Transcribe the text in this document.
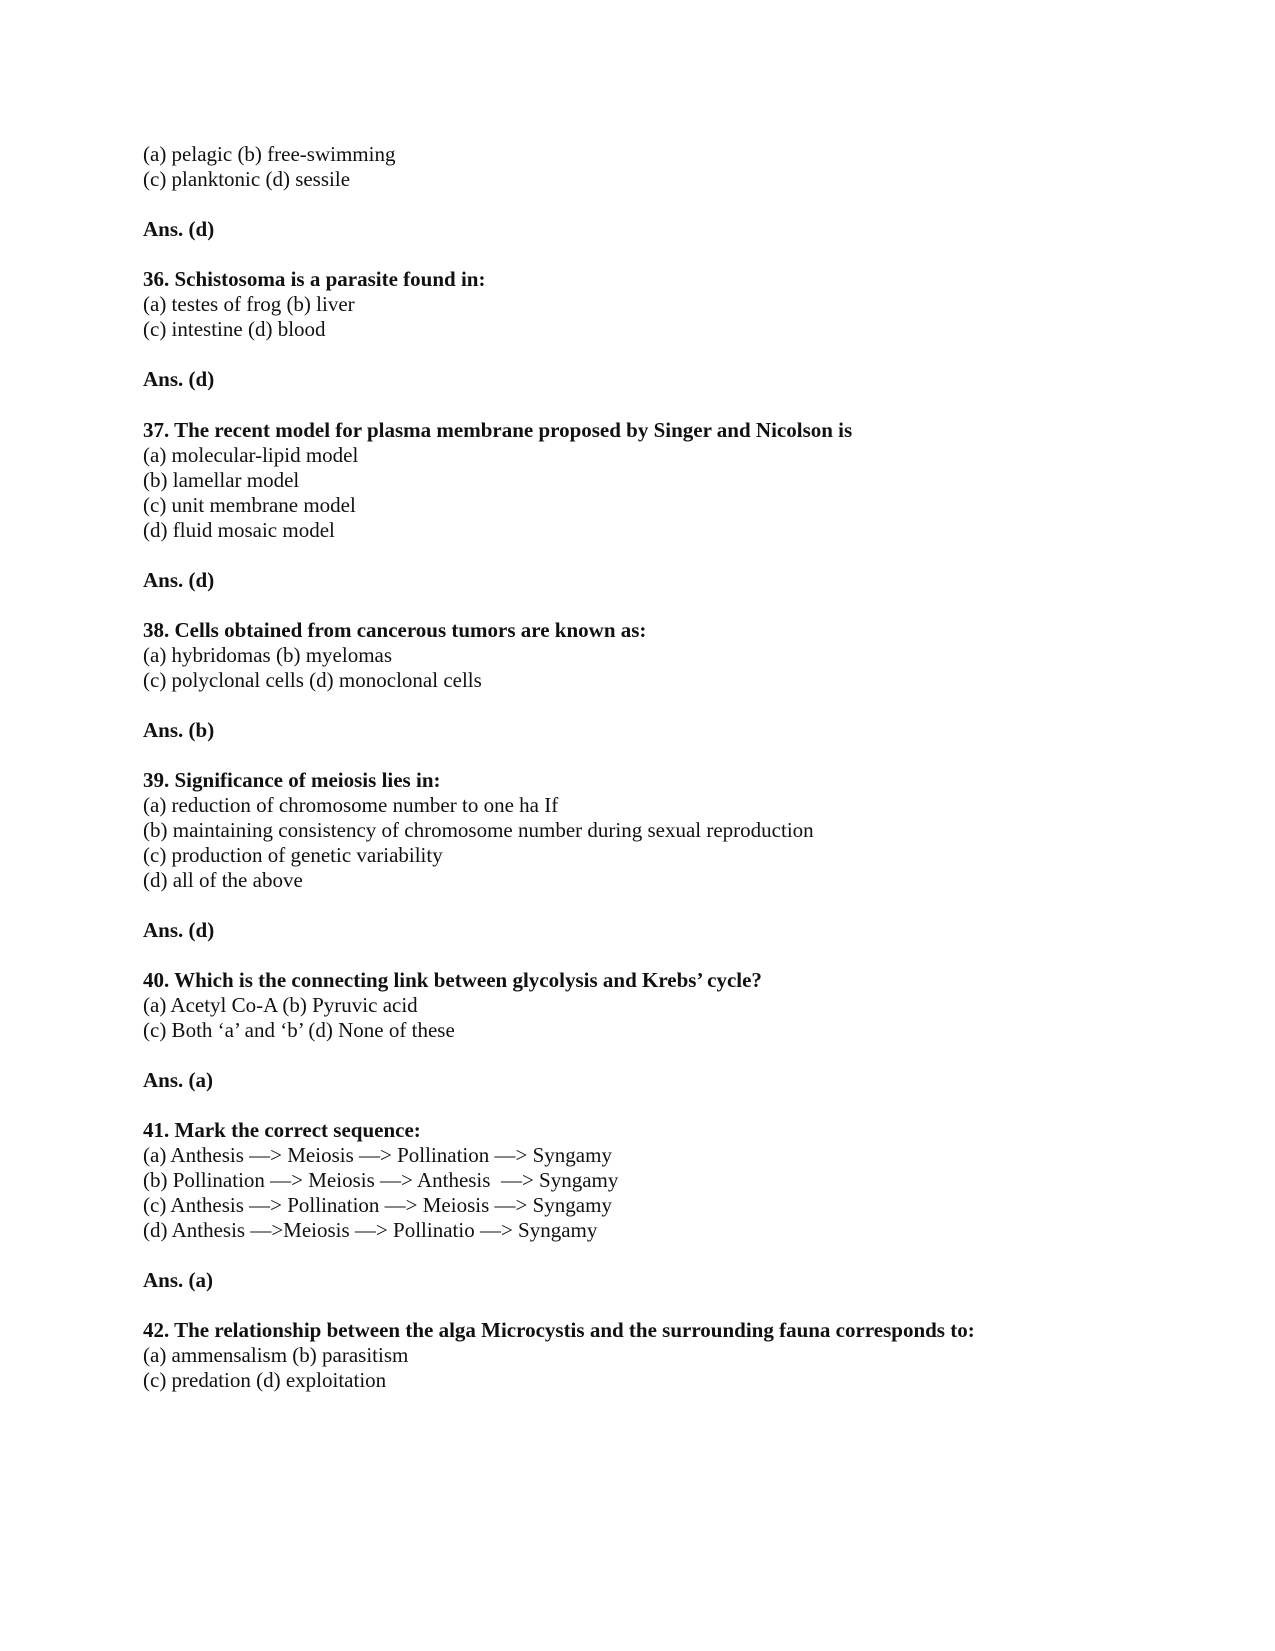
(a) pelagic (b) free-swimming
(c) planktonic (d) sessile
Ans. (d)
36. Schistosoma is a parasite found in:
(a) testes of frog (b) liver
(c) intestine (d) blood
Ans. (d)
37. The recent model for plasma membrane proposed by Singer and Nicolson is
(a) molecular-lipid model
(b) lamellar model
(c) unit membrane model
(d) fluid mosaic model
Ans. (d)
38. Cells obtained from cancerous tumors are known as:
(a) hybridomas (b) myelomas
(c) polyclonal cells (d) monoclonal cells
Ans. (b)
39. Significance of meiosis lies in:
(a) reduction of chromosome number to one ha If
(b) maintaining consistency of chromosome number during sexual reproduction
(c) production of genetic variability
(d) all of the above
Ans. (d)
40. Which is the connecting link between glycolysis and Krebs’ cycle?
(a) Acetyl Co-A (b) Pyruvic acid
(c) Both ‘a’ and ‘b’ (d) None of these
Ans. (a)
41. Mark the correct sequence:
(a) Anthesis —> Meiosis —> Pollination —> Syngamy
(b) Pollination —> Meiosis —> Anthesis  —> Syngamy
(c) Anthesis —> Pollination —> Meiosis —> Syngamy
(d) Anthesis —>Meiosis —> Pollinatio —> Syngamy
Ans. (a)
42. The relationship between the alga Microcystis and the surrounding fauna corresponds to:
(a) ammensalism (b) parasitism
(c) predation (d) exploitation
